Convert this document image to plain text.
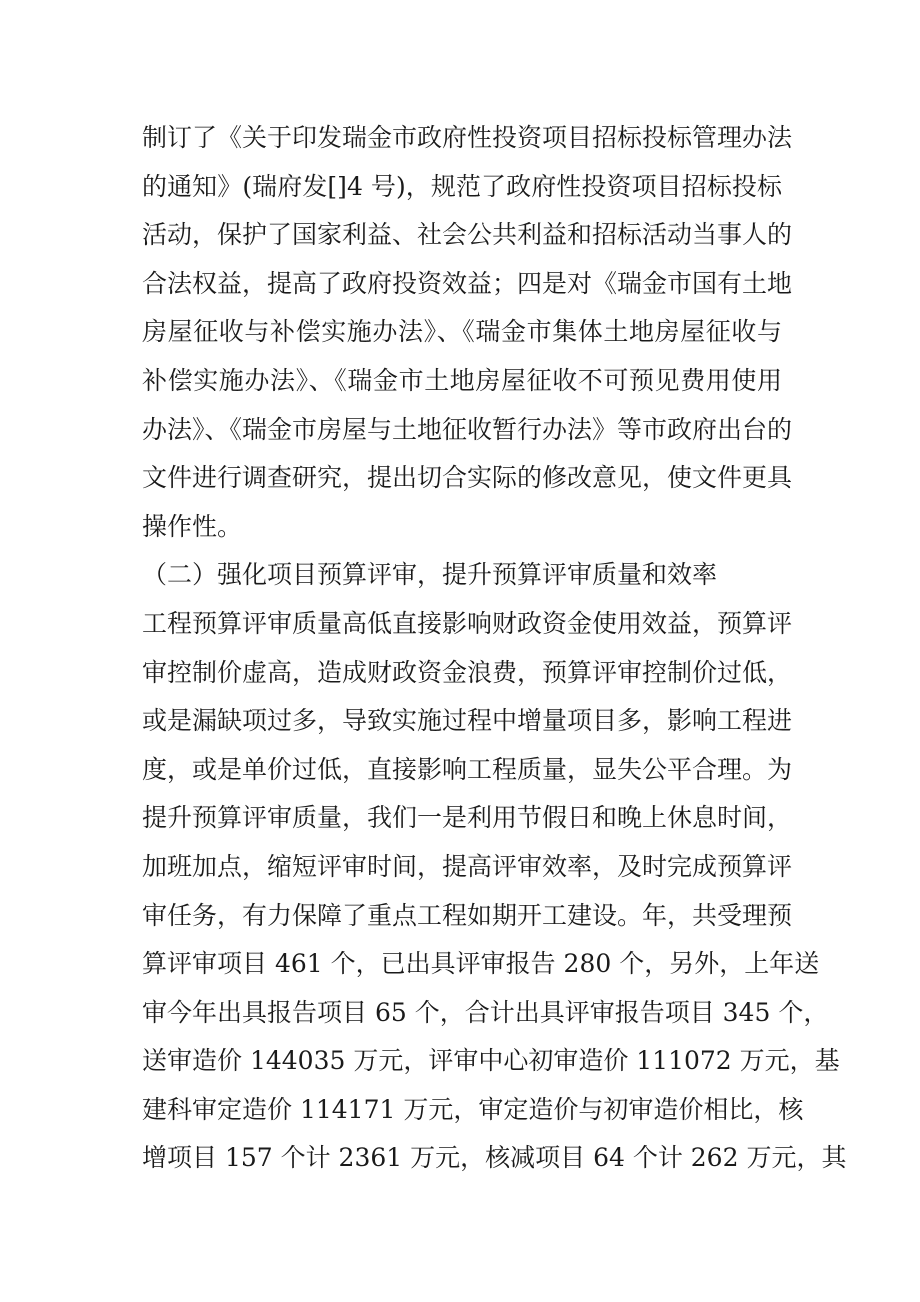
制订了《关于印发瑞金市政府性投资项目招标投标管理办法
的通知》(瑞府发[]4 号)，规范了政府性投资项目招标投标
活动，保护了国家利益、社会公共利益和招标活动当事人的
合法权益，提高了政府投资效益；四是对《瑞金市国有土地
房屋征收与补偿实施办法》、《瑞金市集体土地房屋征收与
补偿实施办法》、《瑞金市土地房屋征收不可预见费用使用
办法》、《瑞金市房屋与土地征收暂行办法》等市政府出台的
文件进行调查研究，提出切合实际的修改意见，使文件更具
操作性。
（二）强化项目预算评审，提升预算评审质量和效率
工程预算评审质量高低直接影响财政资金使用效益，预算评
审控制价虚高，造成财政资金浪费，预算评审控制价过低，
或是漏缺项过多，导致实施过程中增量项目多，影响工程进
度，或是单价过低，直接影响工程质量，显失公平合理。为
提升预算评审质量，我们一是利用节假日和晚上休息时间，
加班加点，缩短评审时间，提高评审效率，及时完成预算评
审任务，有力保障了重点工程如期开工建设。年，共受理预
算评审项目 461 个，已出具评审报告 280 个，另外，上年送
审今年出具报告项目 65 个，合计出具评审报告项目 345 个，
送审造价 144035 万元，评审中心初审造价 111072 万元，基
建科审定造价 114171 万元，审定造价与初审造价相比，核
增项目 157 个计 2361 万元，核减项目 64 个计 262 万元，其
